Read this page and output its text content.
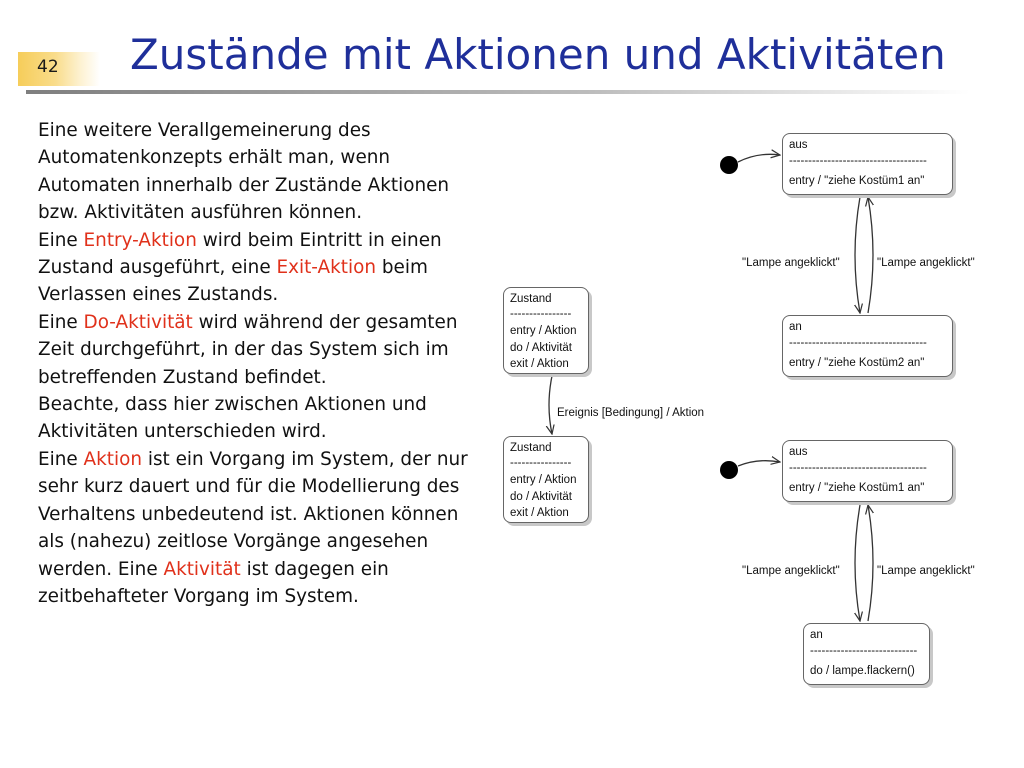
42 Zustände mit Aktionen und Aktivitäten

Eine weitere Verallgemeinerung des Automatenkonzepts erhält man, wenn Automaten innerhalb der Zustände Aktionen bzw. Aktivitäten ausführen können.

Eine Entry-Aktion wird beim Eintritt in einen Zustand ausgeführt, eine Exit-Aktion beim Verlassen eines Zustands.

Eine Do-Aktivität wird während der gesamten Zeit durchgeführt, in der das System sich im betreffenden Zustand befindet.

Beachte, dass hier zwischen Aktionen und Aktivitäten unterschieden wird.

Eine Aktion ist ein Vorgang im System, der nur sehr kurz dauert und für die Modellierung des Verhaltens unbedeutend ist. Aktionen können als (nahezu) zeitlose Vorgänge angesehen werden. Eine Aktivität ist dagegen ein zeitbehafteter Vorgang im System.

Zustand
----------------
entry / Aktion
do / Aktivität
exit / Aktion
Ereignis [Bedingung] / Aktion
Zustand
----------------
entry / Aktion
do / Aktivität
exit / Aktion
aus
------------------------------------
entry / "ziehe Kostüm1 an"
"Lampe angeklickt"	"Lampe angeklickt"
an
------------------------------------
entry / "ziehe Kostüm2 an"
aus
------------------------------------
entry / "ziehe Kostüm1 an"
"Lampe angeklickt"	"Lampe angeklickt"
an
----------------------------
do / lampe.flackern()
